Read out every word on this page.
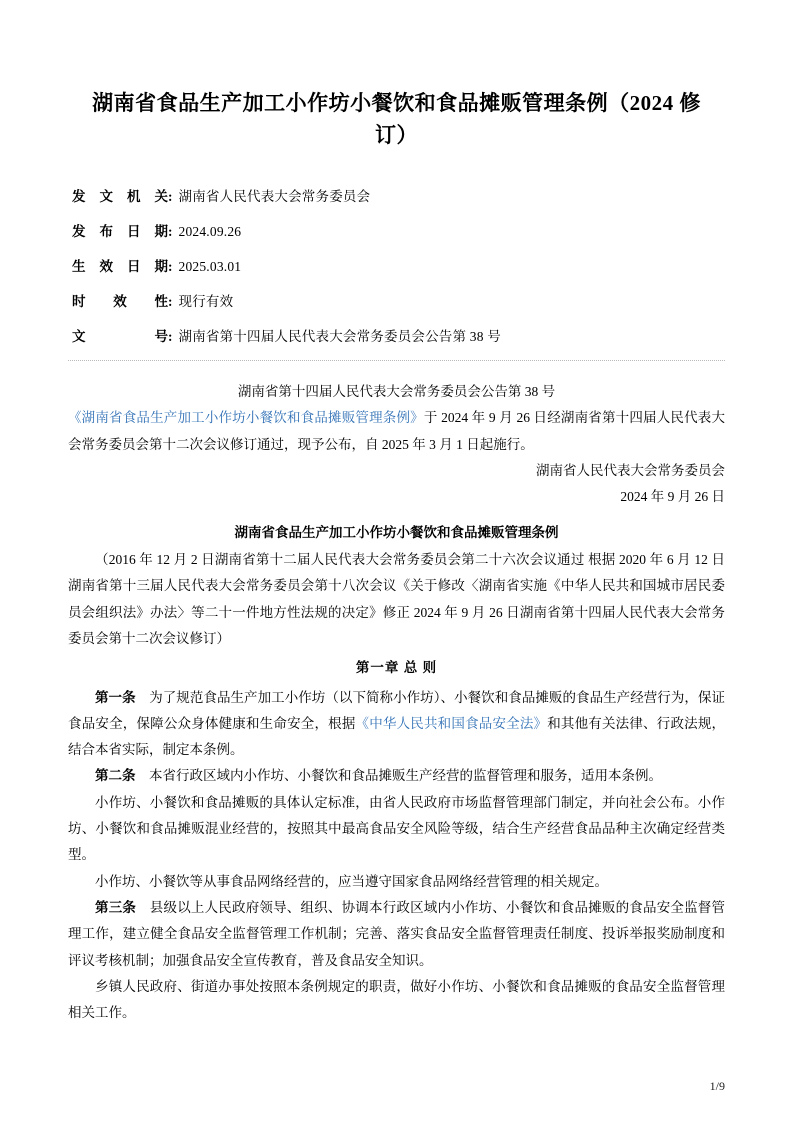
湖南省食品生产加工小作坊小餐饮和食品摊贩管理条例（2024 修订）
发 文 机 关 : 湖南省人民代表大会常务委员会
发 布 日 期 : 2024.09.26
生 效 日 期 : 2025.03.01
时
效
性 : 现行有效
文

	号 : 湖南省第十四届人民代表大会常务委员会公告第 38 号
湖南省第十四届人民代表大会常务委员会公告第 38 号

《湖南省食品生产加工小作坊小餐饮和食品摊贩管理条例》于 2024 年 9 月 26 日经湖南省第十四届人民代表大会常务委员会第十二次会议修订通过，现予公布，自 2025 年 3 月 1 日起施行。

湖南省人民代表大会常务委员会
2024 年 9 月 26 日
湖南省食品生产加工小作坊小餐饮和食品摊贩管理条例

（2016 年 12 月 2 日湖南省第十二届人民代表大会常务委员会第二十六次会议通过 根据 2020 年 6 月 12 日湖南省第十三届人民代表大会常务委员会第十八次会议《关于修改〈湖南省实施《中华人民共和国城市居民委员会组织法》办法〉等二十一件地方性法规的决定》修正 2024 年 9 月 26 日湖南省第十四届人民代表大会常务委员会第十二次会议修订）

第一章 总 则

第一条　为了规范食品生产加工小作坊（以下简称小作坊）、小餐饮和食品摊贩的食品生产经营行为，保证食品安全，保障公众身体健康和生命安全，根据《中华人民共和国食品安全法》和其他有关法律、行政法规，结合本省实际，制定本条例。

第二条　本省行政区域内小作坊、小餐饮和食品摊贩生产经营的监督管理和服务，适用本条例。

小作坊、小餐饮和食品摊贩的具体认定标准，由省人民政府市场监督管理部门制定，并向社会公布。小作坊、小餐饮和食品摊贩混业经营的，按照其中最高食品安全风险等级，结合生产经营食品品种主次确定经营类型。

小作坊、小餐饮等从事食品网络经营的，应当遵守国家食品网络经营管理的相关规定。

第三条　县级以上人民政府领导、组织、协调本行政区域内小作坊、小餐饮和食品摊贩的食品安全监督管理工作，建立健全食品安全监督管理工作机制；完善、落实食品安全监督管理责任制度、投诉举报奖励制度和评议考核机制；加强食品安全宣传教育，普及食品安全知识。

乡镇人民政府、街道办事处按照本条例规定的职责，做好小作坊、小餐饮和食品摊贩的食品安全监督管理相关工作。

1/9
